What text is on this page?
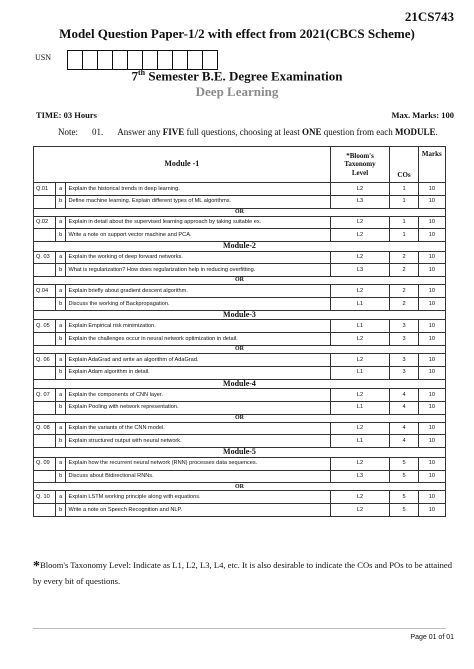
21CS743
Model Question Paper-1/2 with effect from 2021(CBCS Scheme)
USN
7th Semester B.E. Degree Examination
Deep Learning
TIME: 03 Hours	Max. Marks: 100
Note: 01. Answer any FIVE full questions, choosing at least ONE question from each MODULE.
Module -1			*Bloom's
Taxonomy
Level	COs	Marks
Q.01	a	Explain the historical trends in deep learning.	L2	1	10
	b	Define machine learning. Explain different types of ML algorithms.	L3	1	10
OR					
Q.02	a	Explain in detail about the supervised learning approach by taking suitable ex.	L2	1	10
	b	Write a note on support vector machine and PCA.	L2	1	10
Module-2					
Q. 03	a	Explain the working of deep forward networks.	L2	2	10
	b	What is regularization? How does regularization help in reducing overfitting.	L3	2	10
OR					
Q.04	a	Explain briefly about gradient descent algorithm.	L2	2	10
	b	Discuss the working of Backpropagation.	L1	2	10
Module-3					
Q. 05	a	Explain Empirical risk minimization.	L1	3	10
	b	Explain the challenges occur in neural network optimization in detail.	L2	3	10
OR					
Q. 06	a	Explain AdaGrad and write an algorithm of AdaGrad.	L2	3	10
	b	Explain Adam algorithm in detail.	L1	3	10
Module-4					
Q. 07	a	Explain the components of CNN layer.	L2	4	10
	b	Explain Pooling with network representation.	L1	4	10
OR					
Q. 08	a	Explain the variants of the CNN model.	L2	4	10
	b	Explain structured output with neural network.	L1	4	10
Module-5					
Q. 09	a	Explain how the recurrent neural network (RNN) processes data sequences.	L2	5	10
	b	Discuss about Bidirectional RNNs.	L3	5	10
OR					
Q. 10	a	Explain LSTM working principle along with equations.	L2	5	10
	b	Write a note on Speech Recognition and NLP.	L2	5	10
*Bloom's Taxonomy Level: Indicate as L1, L2, L3, L4, etc. It is also desirable to indicate the COs and POs to be attained by every bit of questions.
Page 01 of 01
